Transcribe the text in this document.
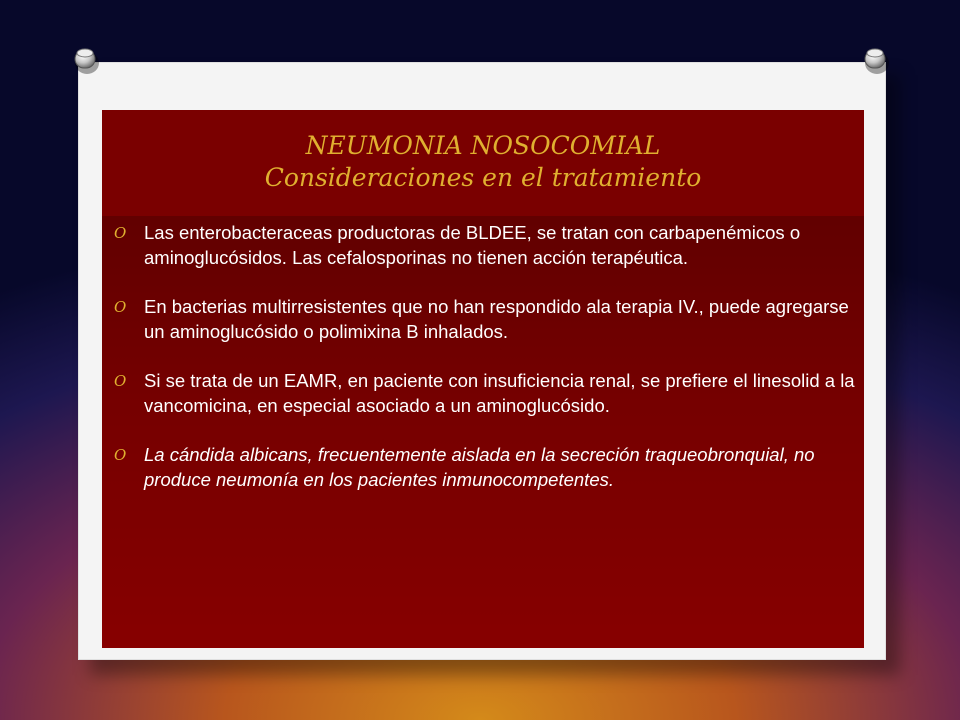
NEUMONIA NOSOCOMIAL
Consideraciones en el tratamiento
O Las enterobacteraceas productoras de BLDEE, se tratan con carbapenémicos o aminoglucósidos. Las cefalosporinas no tienen acción terapéutica.
O En bacterias multirresistentes que no han respondido ala terapia IV., puede agregarse un aminoglucósido o polimixina B inhalados.
O Si se trata de un EAMR, en paciente con insuficiencia renal, se prefiere el linesolid a la vancomicina, en especial asociado a un aminoglucósido.
O La cándida albicans, frecuentemente aislada en la secreción traqueobronquial, no produce neumonía en los pacientes inmunocompetentes.
